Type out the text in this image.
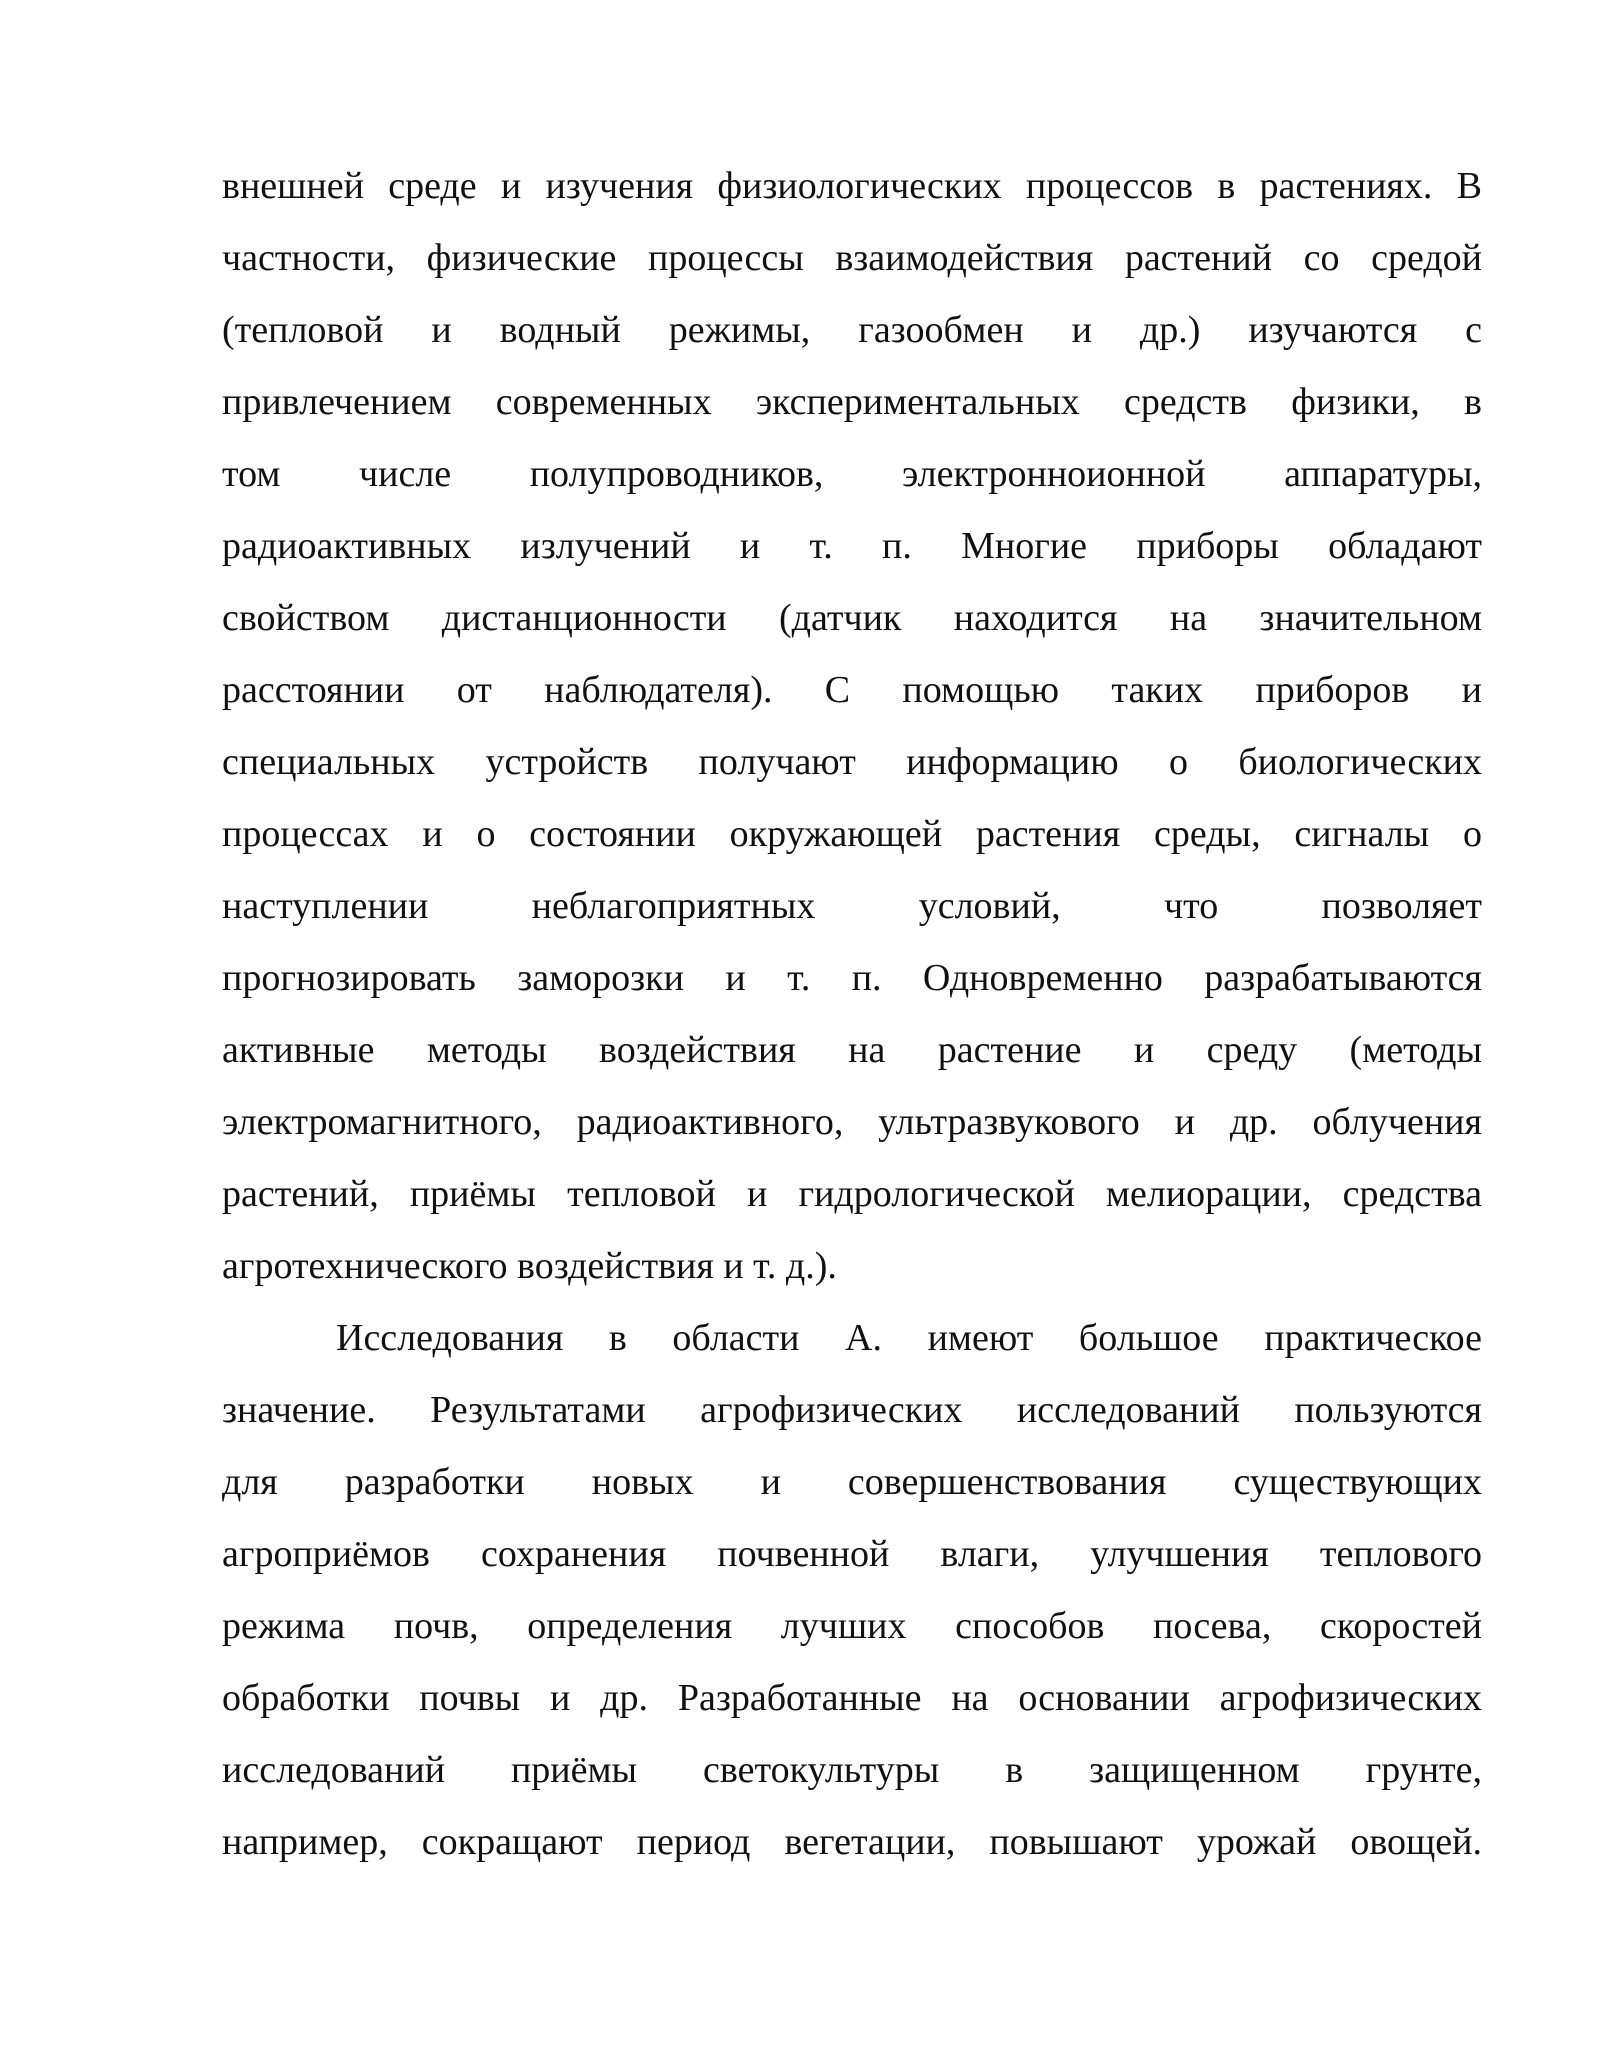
внешней среде и изучения физиологических процессов в растениях. В
частности, физические процессы взаимодействия растений со средой
(тепловой и водный режимы, газообмен и др.) изучаются с
привлечением современных экспериментальных средств физики, в
том числе полупроводников, электронноионной аппаратуры,
радиоактивных излучений и т. п. Многие приборы обладают
свойством дистанционности (датчик находится на значительном
расстоянии от наблюдателя). С помощью таких приборов и
специальных устройств получают информацию о биологических
процессах и о состоянии окружающей растения среды, сигналы о
наступлении неблагоприятных условий, что позволяет
прогнозировать заморозки и т. п. Одновременно разрабатываются
активные методы воздействия на растение и среду (методы
электромагнитного, радиоактивного, ультразвукового и др. облучения
растений, приёмы тепловой и гидрологической мелиорации, средства
агротехнического воздействия и т. д.).
Исследования в области А. имеют большое практическое
значение. Результатами агрофизических исследований пользуются
для разработки новых и совершенствования существующих
агроприёмов сохранения почвенной влаги, улучшения теплового
режима почв, определения лучших способов посева, скоростей
обработки почвы и др. Разработанные на основании агрофизических
исследований приёмы светокультуры в защищенном грунте,
например, сокращают период вегетации, повышают урожай овощей.
